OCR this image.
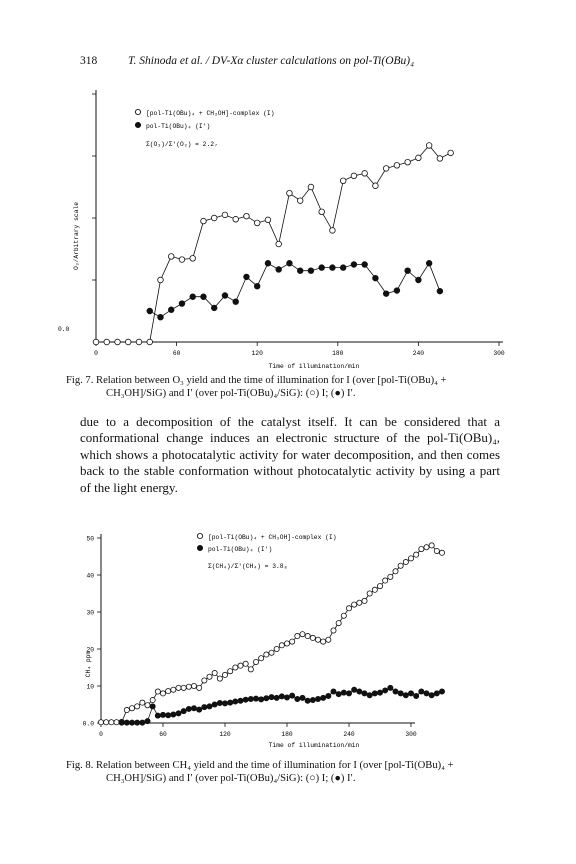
318	T. Shinoda et al. / DV-Xα cluster calculations on pol-Ti(OBu)₄
0	60	120	180	240	300
[pol-Ti(OBu)₄ + CH₃OH]-complex (I)
pol-Ti(OBu)₄ (I′)
Σ(O₃)/Σ′(O₃) = 2.2₇
0.0
Time of illumination/min
O₃/Arbitrary scale
Fig. 7. Relation between O₃ yield and the time of illumination for I (over [pol-Ti(OBu)₄ +
CH₃OH]/SiG) and I′ (over pol-Ti(OBu)₄/SiG): (○) I; (●) I′.
due to a decomposition of the catalyst itself. It can be considered that a conformational change induces an electronic structure of the pol-Ti(OBu)₄, which shows a photocatalytic activity for water decomposition, and then comes back to the stable conformation without photocatalytic activity by using a part of the light energy.
0	60	120	180	240	300
0.0
10
20
30
40
50	[pol-Ti(OBu)₄ + CH₃OH]-complex (I)
pol-Ti(OBu)₄ (I′)
Σ(CH₄)/Σ′(CH₄) = 3.8₈
Time of illumination/min
CH₄ ppm
Fig. 8. Relation between CH₄ yield and the time of illumination for I (over [pol-Ti(OBu)₄ +
CH₃OH]/SiG) and I′ (over pol-Ti(OBu)₄/SiG): (○) I; (●) I′.
